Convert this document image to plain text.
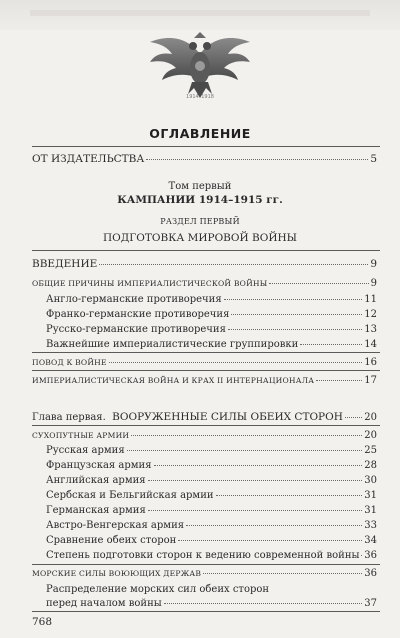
1914–1918
ОГЛАВЛЕНИЕ
ОТ ИЗДАТЕЛЬСТВА	5
Том первый
КАМПАНИИ 1914–1915 гг.
РАЗДЕЛ ПЕРВЫЙ
ПОДГОТОВКА МИРОВОЙ ВОЙНЫ
ВВЕДЕНИЕ	9
ОБЩИЕ ПРИЧИНЫ ИМПЕРИАЛИСТИЧЕСКОЙ ВОЙНЫ	9
Англо-германские противоречия	11
Франко-германские противоречия	12
Русско-германские противоречия	13
Важнейшие империалистические группировки	14
ПОВОД К ВОЙНЕ	16
ИМПЕРИАЛИСТИЧЕСКАЯ ВОЙНА И КРАХ II ИНТЕРНАЦИОНАЛА	17
Глава первая.
ВООРУЖЕННЫЕ СИЛЫ ОБЕИХ СТОРОН 20
СУХОПУТНЫЕ АРМИИ	20
Русская армия	25
Французская армия	28
Английская армия	30
Сербская и Бельгийская армии	31
Германская армия	31
Австро-Венгерская армия	33
Сравнение обеих сторон	34
Степень подготовки сторон к ведению современной войны 36
МОРСКИЕ СИЛЫ ВОЮЮЩИХ ДЕРЖАВ	36
Распределение морских сил обеих сторон
перед началом войны	37
768
